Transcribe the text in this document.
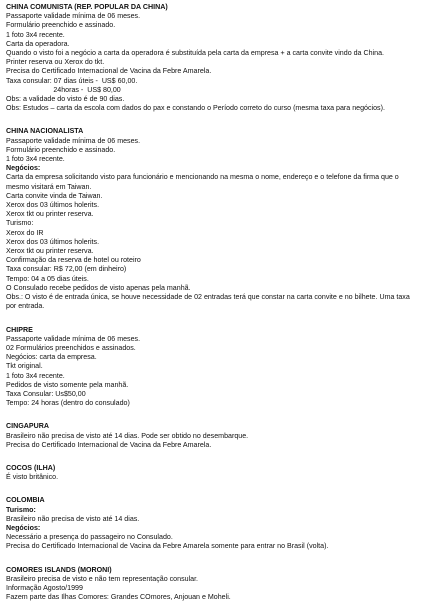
CHINA COMUNISTA (REP. POPULAR DA CHINA)
Passaporte validade mínima de 06 meses.
Formulário preenchido e assinado.
1 foto 3x4 recente.
Carta da operadora.
Quando o visto foi a negócio a carta da operadora é substituída pela carta da empresa + a carta convite vindo da China.
Printer reserva ou Xerox do tkt.
Precisa do Certificado Internacional de Vacina da Febre Amarela.
Taxa consular: 07 dias úteis -  US$ 60,00.
24horas -  US$ 80,00
Obs: a validade do visto é de 90 dias.
Obs: Estudos – carta da escola com dados do pax e constando o Período correto do curso (mesma taxa para negócios).
CHINA NACIONALISTA
Passaporte validade mínima de 06 meses.
Formulário preenchido e assinado.
1 foto 3x4 recente.
Negócios:
Carta da empresa solicitando visto para funcionário e mencionando na mesma o nome, endereço e o telefone da firma que o mesmo visitará em Taiwan.
Carta convite vinda de Taiwan.
Xerox dos 03 últimos holerits.
Xerox tkt ou printer reserva.
Turismo:
Xerox do IR
Xerox dos 03 últimos holerits.
Xerox tkt ou printer reserva.
Confirmação da reserva de hotel ou roteiro
Taxa consular: R$ 72,00 (em dinheiro)
Tempo: 04 a 05 dias úteis.
O Consulado recebe pedidos de visto apenas pela manhã.
Obs.: O visto é de entrada única, se houve necessidade de 02 entradas terá que constar na carta convite e no bilhete. Uma taxa por entrada.
CHIPRE
Passaporte validade mínima de 06 meses.
02 Formulários preenchidos e assinados.
Negócios: carta da empresa.
Tkt original.
1 foto 3x4 recente.
Pedidos de visto somente pela manhã.
Taxa Consular: Us$50,00
Tempo: 24 horas (dentro do consulado)
CINGAPURA
Brasileiro não precisa de visto até 14 dias. Pode ser obtido no desembarque.
Precisa do Certificado Internacional de Vacina da Febre Amarela.
COCOS (ILHA)
É visto britânico.
COLOMBIA
Turismo:
Brasileiro não precisa de visto até 14 dias.
Negócios:
Necessário a presença do passageiro no Consulado.
Precisa do Certificado Internacional de Vacina da Febre Amarela somente para entrar no Brasil (volta).
COMORES ISLANDS (MORONI)
Brasileiro precisa de visto e não tem representação consular.
Informação Agosto/1999
Fazem parte das Ilhas Comores: Grandes COmores, Anjouan e Moheli.
